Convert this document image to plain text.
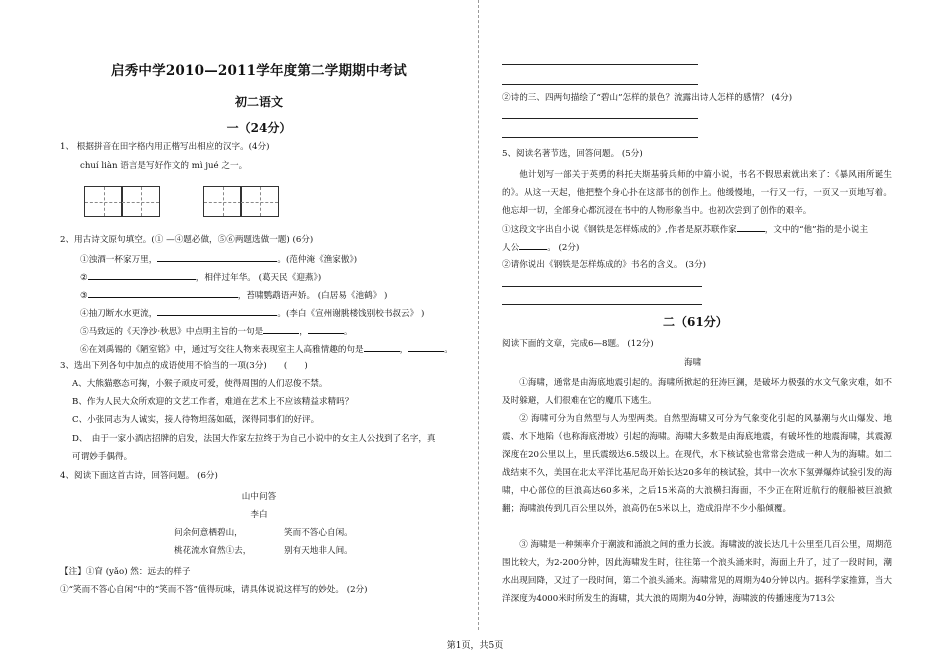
启秀中学2010—2011学年度第二学期期中考试
初二语文
一（24分）
1、 根据拼音在田字格内用正楷写出相应的汉字。(4分)
chuí liàn 语言是写好作文的 mì jué 之一。
2、用古诗文原句填空。(① —④题必做，⑤⑥两题选做一题) (6分)
①浊酒一杯家万里，	。(范仲淹《渔家傲》)
②	，相伴过年华。 (葛天民《迎燕》)
③	，苔啸鹦鹉语声娇。 (白居易《池鹤》 )
④抽刀断水水更流，	。(李白《宣州谢朓楼饯别校书叔云》 )
⑤马致远的《天净沙·秋思》中点明主旨的一句是	，	。
⑥在刘禹锡的《陋室铭》中，通过写交往人物来表现室主人高雅情趣的句是	，	。
3、选出下列各句中加点的成语使用不恰当的一项(3分)　　(　　)
A、大熊猫憨态可掬，小猴子顽皮可爱，使得周围的人们忍俊不禁。
B、作为人民大众所欢迎的文艺工作者，难道在艺术上不应该精益求精吗？
C、小张同志为人诚实，接人待物坦荡如砥，深得同事们的好评。
D、　由于一家小酒店招牌的启发，法国大作家左拉终于为自己小说中的女主人公找到了名字，真
可谓妙手偶得。
4、阅读下面这首古诗，回答问题。 (6分)
山中问答
李白
问余何意栖碧山，	笑而不答心自闲。
桃花流水窅然①去，	别有天地非人间。
【注】①窅 (yǎo) 然：远去的样子
①“笑而不答心自闲”中的“笑而不答”值得玩味，请具体说说这样写的妙处。 (2分)
②诗的三、四两句描绘了“碧山”怎样的景色？流露出诗人怎样的感情？ (4分)
5、阅读名著节选，回答问题。 (5分)
他计划写一部关于英勇的科托夫斯基骑兵师的中篇小说，书名不假思索就出来了：《暴风雨所诞生的》。从这一天起，他把整个身心扑在这部书的创作上。他缓慢地，一行又一行，一页又一页地写着。他忘却一切，全部身心都沉浸在书中的人物形象当中。也初次尝到了创作的艰辛。
①这段文字出自小说《钢铁是怎样炼成的》,作者是原苏联作家	，文中的“他”指的是小说主
人公	。 (2分)
②请你说出《钢铁是怎样炼成的》书名的含义。 (3分)
二（61分）
阅读下面的文章，完成6—8题。 (12分)
海啸
①海啸，通常是由海底地震引起的。海啸所掀起的狂涛巨澜，是破坏力极强的水文气象灾难，如不及时躲避，人们很难在它的魔爪下逃生。
② 海啸可分为自然型与人为型两类。自然型海啸又可分为气象变化引起的风暴潮与火山爆发、地震、水下地陷（也称海底滑坡）引起的海啸。海啸大多数是由海底地震，有破坏性的地震海啸，其震源深度在20公里以上，里氏震级达6.5级以上。在现代，水下核试验也常常会造成一种人为的海啸。如二战结束不久，美国在北太平洋比基尼岛开始长达20多年的核试验，其中一次水下氢弹爆炸试验引发的海啸，中心部位的巨浪高达60多米，之后15米高的大浪横扫海面，不少正在附近航行的舰船被巨浪掀翻；海啸浪传到几百公里以外，浪高仍在5米以上，造成沿岸不少小船倾覆。
③ 海啸是一种频率介于潮波和涌浪之间的重力长波。海啸波的波长达几十公里至几百公里，周期范围比较大，为2-200分钟，因此海啸发生时，往往第一个浪头涌来时，海面上升了，过了一段时间，潮水出现回降，又过了一段时间，第二个浪头涌来。海啸常见的周期为40分钟以内。据科学家推算，当大洋深度为4000米时所发生的海啸，其大浪的周期为40分钟，海啸波的传播速度为713公
第1页，共5页
